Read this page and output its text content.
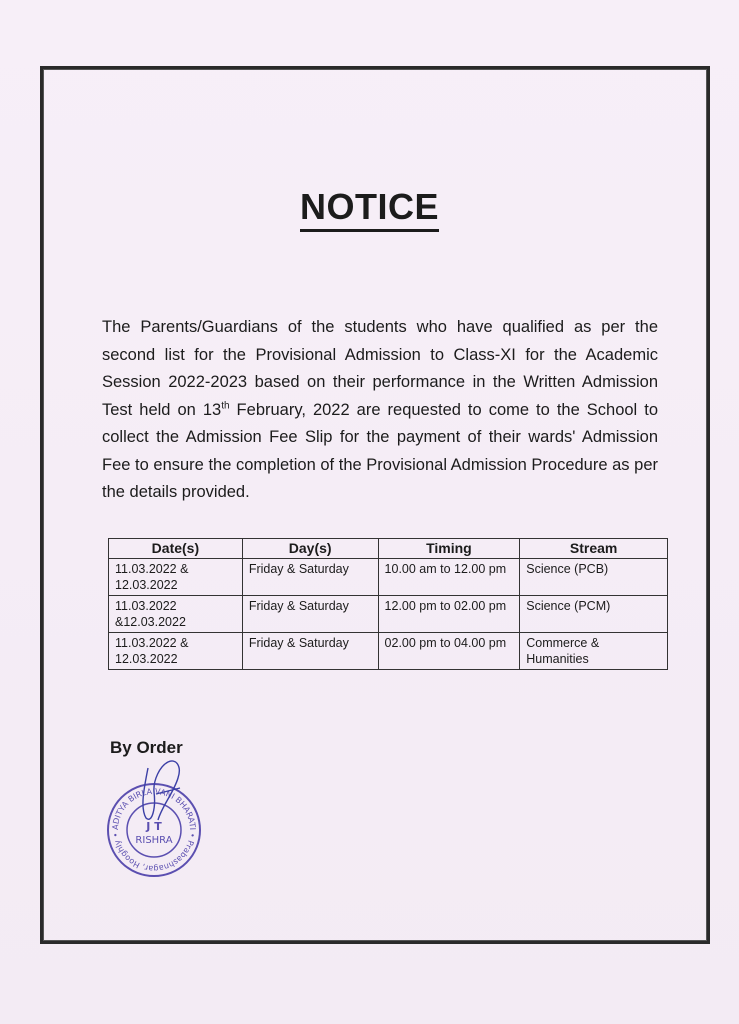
NOTICE
The Parents/Guardians of the students who have qualified as per the second list for the Provisional Admission to Class-XI for the Academic Session 2022-2023 based on their performance in the Written Admission Test held on 13th February, 2022 are requested to come to the School to collect the Admission Fee Slip for the payment of their wards' Admission Fee to ensure the completion of the Provisional Admission Procedure as per the details provided.
Date(s)	Day(s)	Timing	Stream
11.03.2022 & 12.03.2022	Friday & Saturday	10.00 am to 12.00 pm	Science (PCB)
11.03.2022 &12.03.2022	Friday & Saturday	12.00 pm to 02.00 pm	Science (PCM)
11.03.2022 & 12.03.2022	Friday & Saturday	02.00 pm to 04.00 pm	Commerce & Humanities
By Order
ADITYA BIRLA VANI BHARATI • Prabashnagar, Hooghly •
J T
RISHRA
